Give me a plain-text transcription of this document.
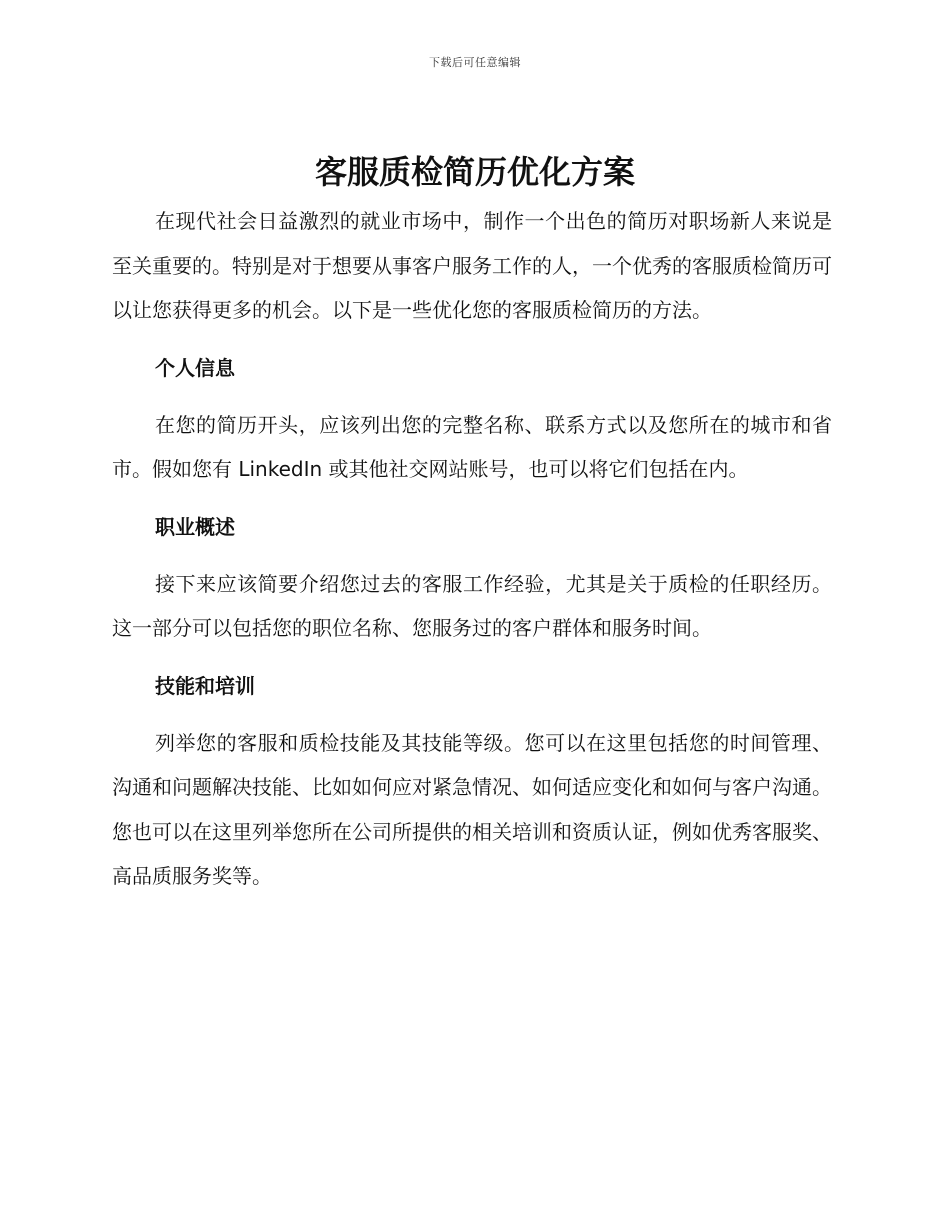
下载后可任意编辑
客服质检简历优化方案

在现代社会日益激烈的就业市场中，制作一个出色的简历对职场新人来说是至关重要的。特别是对于想要从事客户服务工作的人，一个优秀的客服质检简历可以让您获得更多的机会。以下是一些优化您的客服质检简历的方法。

个人信息

在您的简历开头，应该列出您的完整名称、联系方式以及您所在的城市和省市。假如您有 LinkedIn 或其他社交网站账号，也可以将它们包括在内。

职业概述

接下来应该简要介绍您过去的客服工作经验，尤其是关于质检的任职经历。这一部分可以包括您的职位名称、您服务过的客户群体和服务时间。

技能和培训

列举您的客服和质检技能及其技能等级。您可以在这里包括您的时间管理、沟通和问题解决技能、比如如何应对紧急情况、如何适应变化和如何与客户沟通。您也可以在这里列举您所在公司所提供的相关培训和资质认证，例如优秀客服奖、高品质服务奖等。
